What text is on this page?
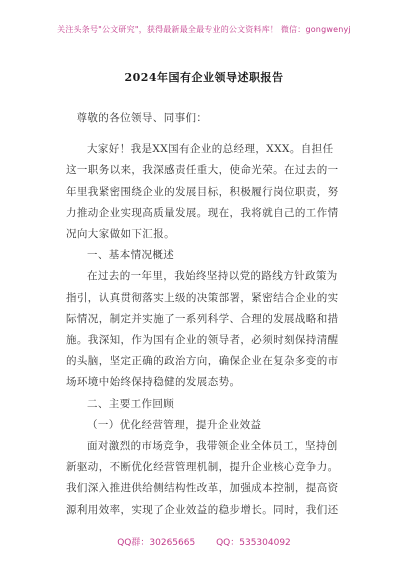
关注头条号"公文研究"，获得最新最全最专业的公文资料库！ 微信：gongwenyj
2024年国有企业领导述职报告

尊敬的各位领导、同事们：

大家好！我是XX国有企业的总经理，XXX。自担任这一职务以来，我深感责任重大，使命光荣。在过去的一年里我紧密围绕企业的发展目标，积极履行岗位职责，努力推动企业实现高质量发展。现在，我将就自己的工作情况向大家做如下汇报。

一、基本情况概述

在过去的一年里，我始终坚持以党的路线方针政策为指引，认真贯彻落实上级的决策部署，紧密结合企业的实际情况，制定并实施了一系列科学、合理的发展战略和措施。我深知，作为国有企业的领导者，必须时刻保持清醒的头脑，坚定正确的政治方向，确保企业在复杂多变的市场环境中始终保持稳健的发展态势。

二、主要工作回顾

（一）优化经营管理，提升企业效益

面对激烈的市场竞争，我带领企业全体员工，坚持创新驱动，不断优化经营管理机制，提升企业核心竞争力。我们深入推进供给侧结构性改革，加强成本控制，提高资源利用效率，实现了企业效益的稳步增长。同时，我们还

QQ群：30265665 QQ：535304092
